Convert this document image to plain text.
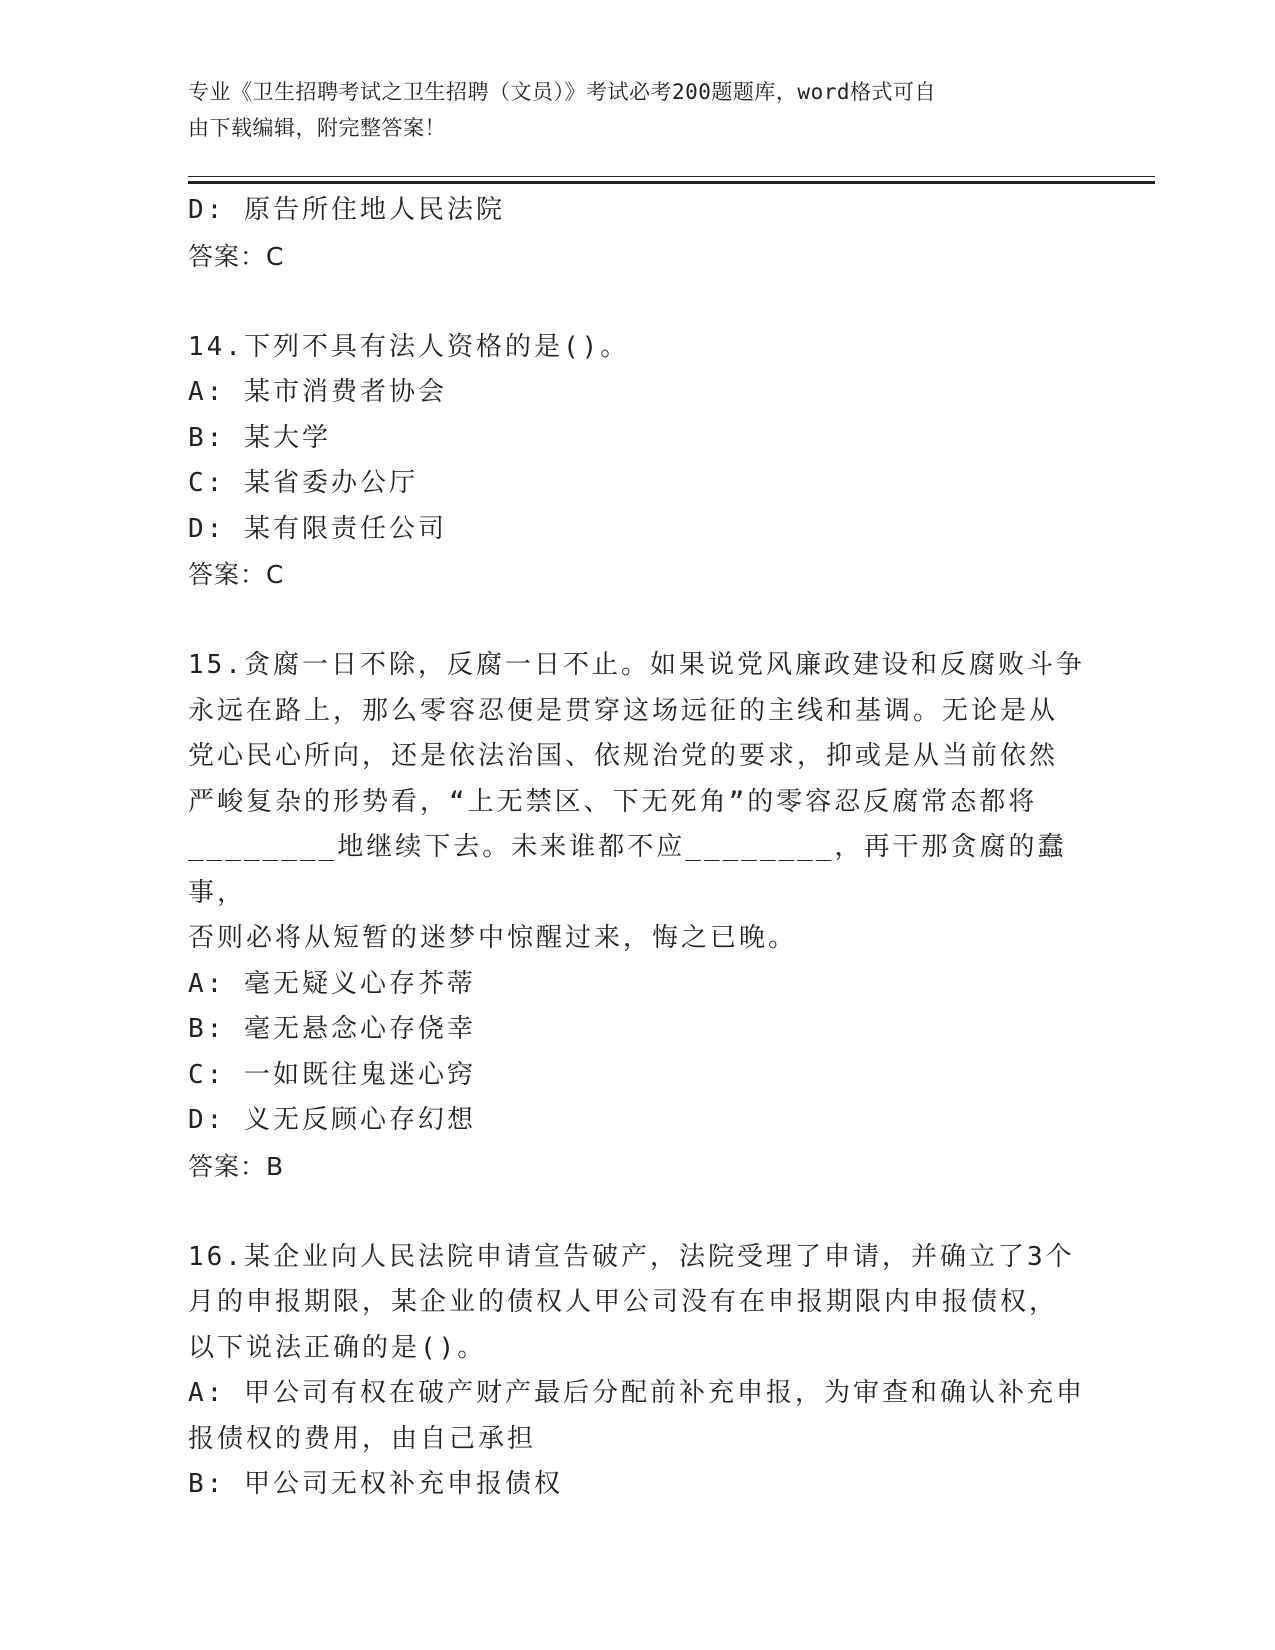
专业《卫生招聘考试之卫生招聘（文员）》考试必考200题题库，word格式可自
由下载编辑，附完整答案！
D: 原告所住地人民法院
答案：C
14.下列不具有法人资格的是()。
A: 某市消费者协会
B: 某大学
C: 某省委办公厅
D: 某有限责任公司
答案：C
15.贪腐一日不除，反腐一日不止。如果说党风廉政建设和反腐败斗争
永远在路上，那么零容忍便是贯穿这场远征的主线和基调。无论是从
党心民心所向，还是依法治国、依规治党的要求，抑或是从当前依然
严峻复杂的形势看，“上无禁区、下无死角”的零容忍反腐常态都将
________地继续下去。未来谁都不应________，再干那贪腐的蠢事，
否则必将从短暂的迷梦中惊醒过来，悔之已晚。
A: 毫无疑义心存芥蒂
B: 毫无悬念心存侥幸
C: 一如既往鬼迷心窍
D: 义无反顾心存幻想
答案：B
16.某企业向人民法院申请宣告破产，法院受理了申请，并确立了3个
月的申报期限，某企业的债权人甲公司没有在申报期限内申报债权，
以下说法正确的是()。
A: 甲公司有权在破产财产最后分配前补充申报，为审查和确认补充申
报债权的费用，由自己承担
B: 甲公司无权补充申报债权
